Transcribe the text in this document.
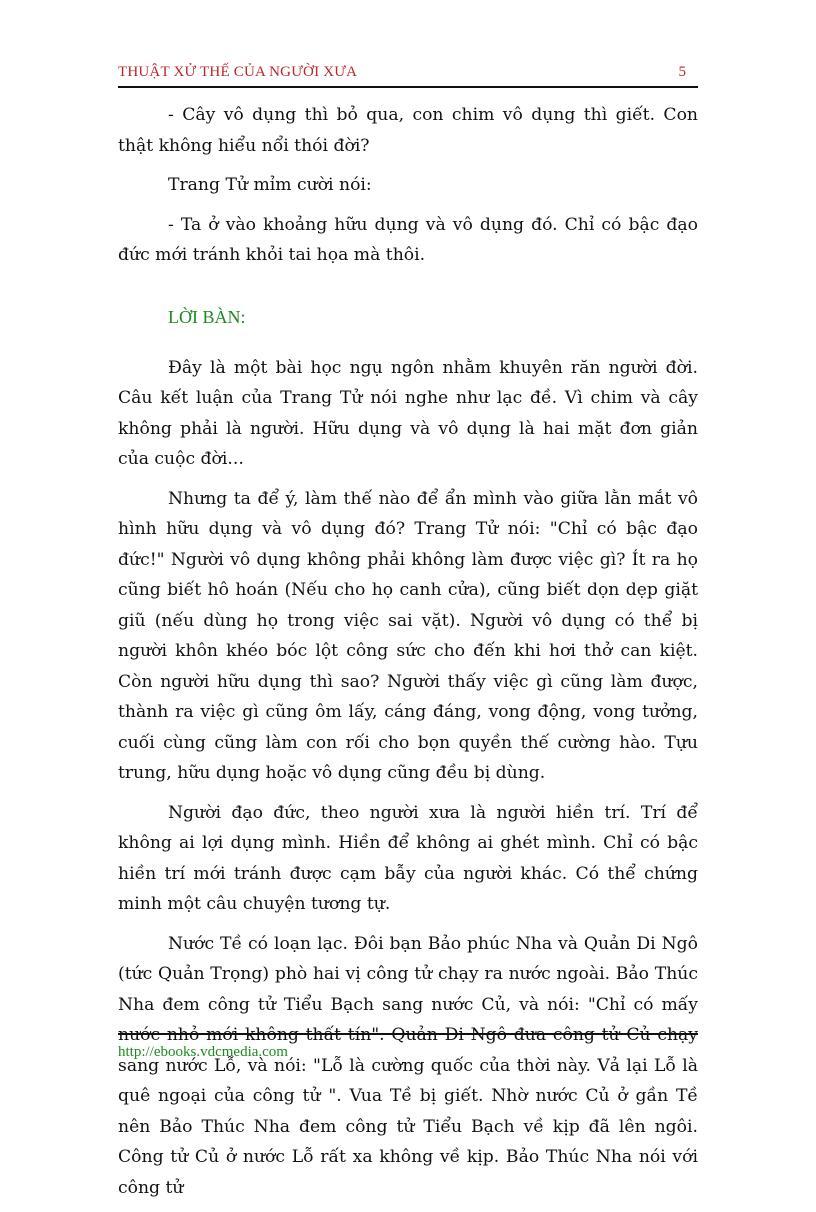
THUẬT XỬ THẾ CỦA NGƯỜI XƯA	5

- Cây vô dụng thì bỏ qua, con chim vô dụng thì giết. Con thật không hiểu nổi thói đời?

Trang Tử mỉm cười nói:

- Ta ở vào khoảng hữu dụng và vô dụng đó. Chỉ có bậc đạo đức mới tránh khỏi tai họa mà thôi.

LỜI BÀN:

Đây là một bài học ngụ ngôn nhằm khuyên răn người đời. Câu kết luận của Trang Tử nói nghe như lạc đề. Vì chim và cây không phải là người. Hữu dụng và vô dụng là hai mặt đơn giản của cuộc đời...

Nhưng ta để ý, làm thế nào để ẩn mình vào giữa lằn mắt vô hình hữu dụng và vô dụng đó? Trang Tử nói: "Chỉ có bậc đạo đức!" Người vô dụng không phải không làm được việc gì? Ít ra họ cũng biết hô hoán (Nếu cho họ canh cửa), cũng biết dọn dẹp giặt giũ (nếu dùng họ trong việc sai vặt). Người vô dụng có thể bị người khôn khéo bóc lột công sức cho đến khi hơi thở can kiệt. Còn người hữu dụng thì sao? Người thấy việc gì cũng làm được, thành ra việc gì cũng ôm lấy, cáng đáng, vong động, vong tưởng, cuối cùng cũng làm con rối cho bọn quyền thế cường hào. Tựu trung, hữu dụng hoặc vô dụng cũng đều bị dùng.

Người đạo đức, theo người xưa là người hiền trí. Trí để không ai lợi dụng mình. Hiền để không ai ghét mình. Chỉ có bậc hiền trí mới tránh được cạm bẫy của người khác. Có thể chứng minh một câu chuyện tương tự.

Nước Tề có loạn lạc. Đôi bạn Bảo phúc Nha và Quản Di Ngô (tức Quản Trọng) phò hai vị công tử chạy ra nước ngoài. Bảo Thúc Nha đem công tử Tiểu Bạch sang nước Củ, và nói: "Chỉ có mấy nước nhỏ mới không thất tín". Quản Di Ngô đưa công tử Củ chạy sang nước Lỗ, và nói: "Lỗ là cường quốc của thời này. Vả lại Lỗ là quê ngoại của công tử ". Vua Tề bị giết. Nhờ nước Củ ở gần Tề nên Bảo Thúc Nha đem công tử Tiểu Bạch về kịp đã lên ngôi. Công tử Củ ở nước Lỗ rất xa không về kịp. Bảo Thúc Nha nói với công tử

http://ebooks.vdcmedia.com
